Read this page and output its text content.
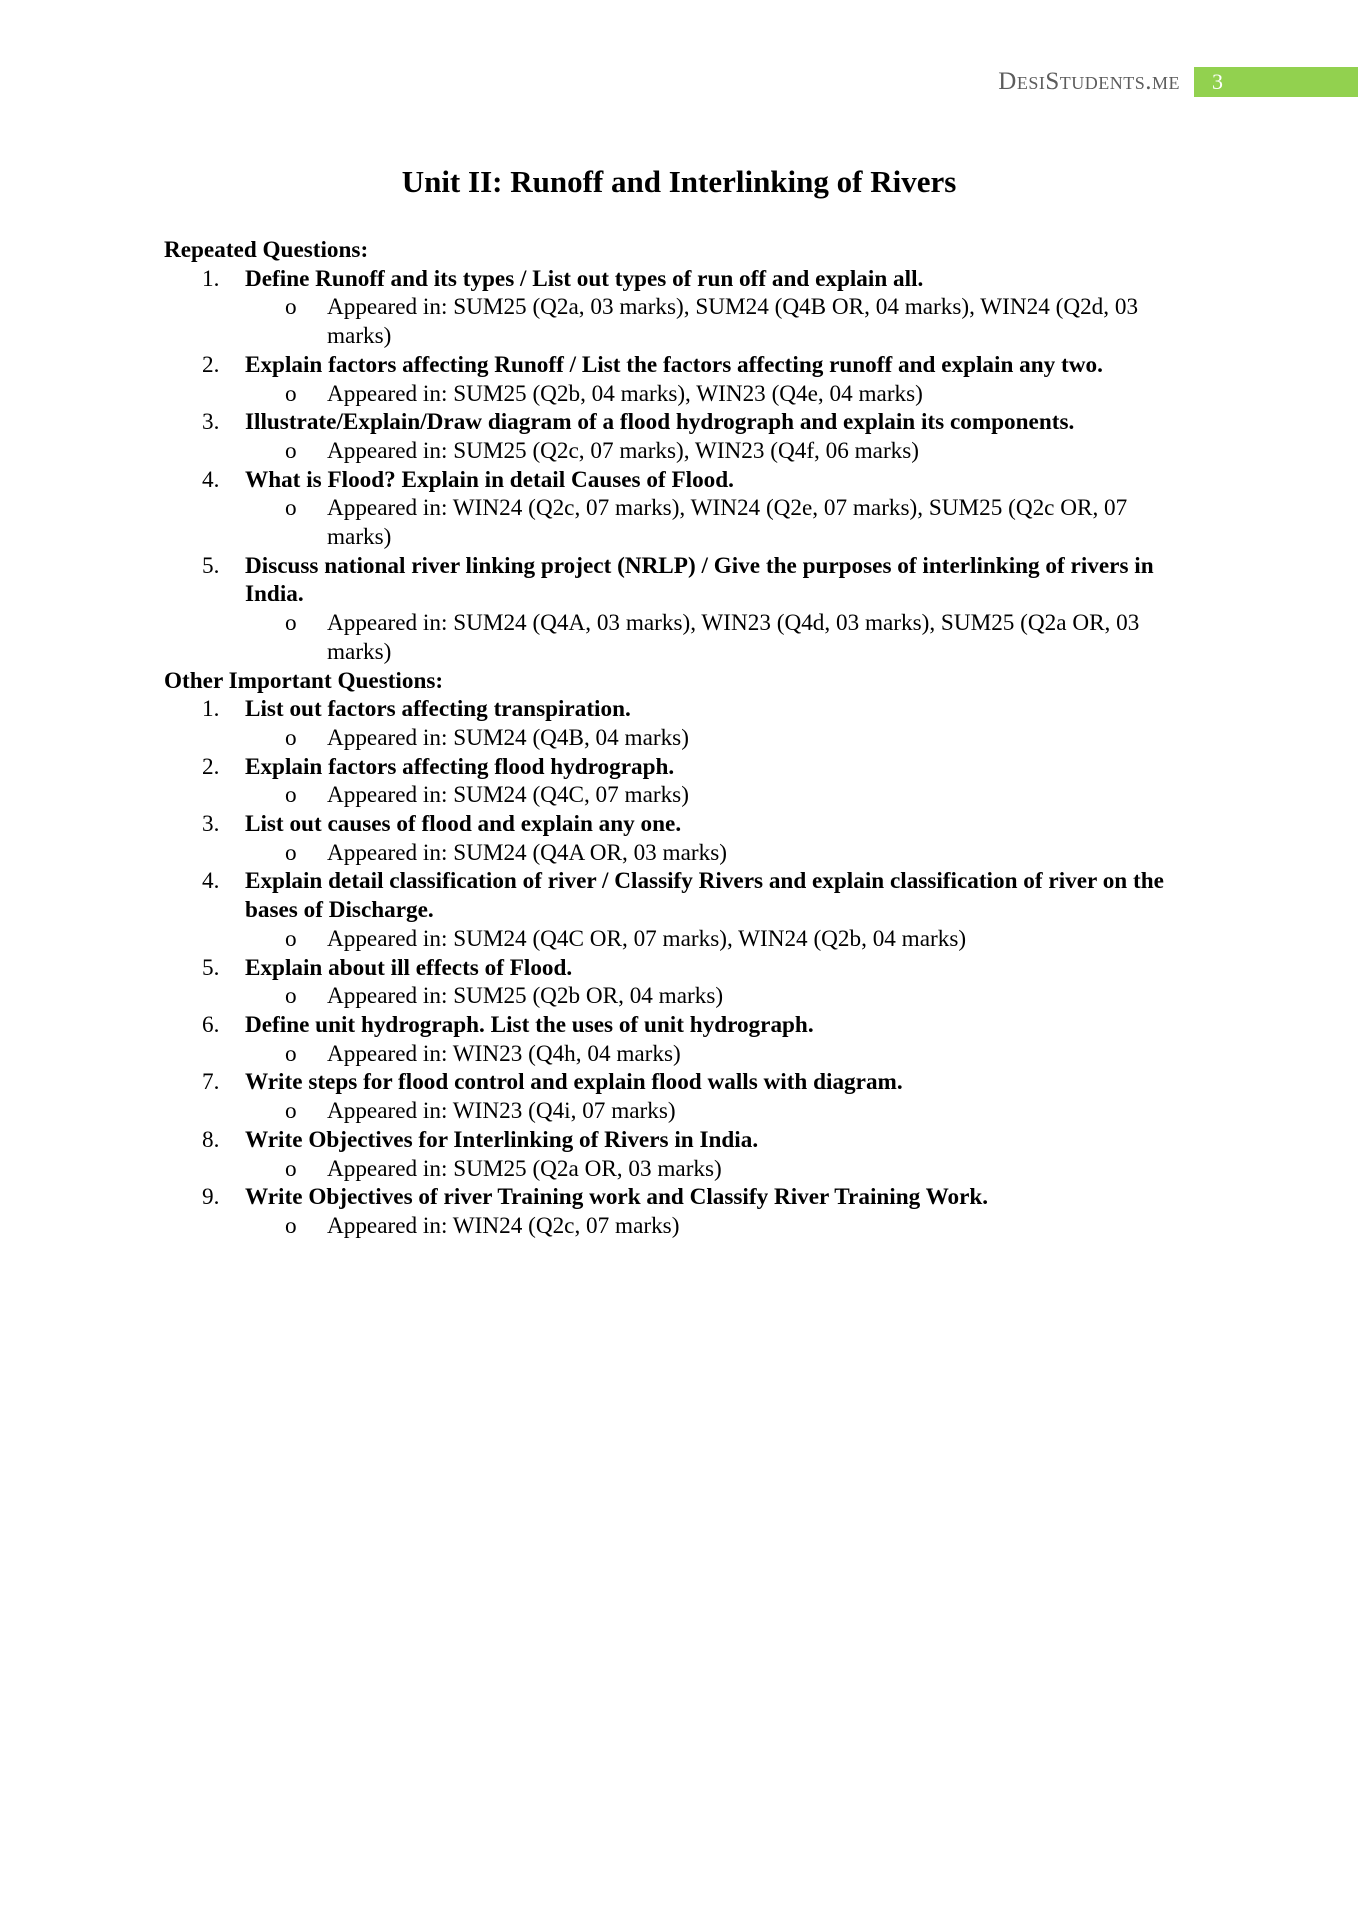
DesiStudents.me	3
Unit II: Runoff and Interlinking of Rivers
Repeated Questions:
1. Define Runoff and its types / List out types of run off and explain all.
o Appeared in: SUM25 (Q2a, 03 marks), SUM24 (Q4B OR, 04 marks), WIN24 (Q2d, 03 marks)
2. Explain factors affecting Runoff / List the factors affecting runoff and explain any two.
o Appeared in: SUM25 (Q2b, 04 marks), WIN23 (Q4e, 04 marks)
3. Illustrate/Explain/Draw diagram of a flood hydrograph and explain its components.
o Appeared in: SUM25 (Q2c, 07 marks), WIN23 (Q4f, 06 marks)
4. What is Flood? Explain in detail Causes of Flood.
o Appeared in: WIN24 (Q2c, 07 marks), WIN24 (Q2e, 07 marks), SUM25 (Q2c OR, 07 marks)
5. Discuss national river linking project (NRLP) / Give the purposes of interlinking of rivers in India.
o Appeared in: SUM24 (Q4A, 03 marks), WIN23 (Q4d, 03 marks), SUM25 (Q2a OR, 03 marks)
Other Important Questions:
1. List out factors affecting transpiration.
o Appeared in: SUM24 (Q4B, 04 marks)
2. Explain factors affecting flood hydrograph.
o Appeared in: SUM24 (Q4C, 07 marks)
3. List out causes of flood and explain any one.
o Appeared in: SUM24 (Q4A OR, 03 marks)
4. Explain detail classification of river / Classify Rivers and explain classification of river on the bases of Discharge.
o Appeared in: SUM24 (Q4C OR, 07 marks), WIN24 (Q2b, 04 marks)
5. Explain about ill effects of Flood.
o Appeared in: SUM25 (Q2b OR, 04 marks)
6. Define unit hydrograph. List the uses of unit hydrograph.
o Appeared in: WIN23 (Q4h, 04 marks)
7. Write steps for flood control and explain flood walls with diagram.
o Appeared in: WIN23 (Q4i, 07 marks)
8. Write Objectives for Interlinking of Rivers in India.
o Appeared in: SUM25 (Q2a OR, 03 marks)
9. Write Objectives of river Training work and Classify River Training Work.
o Appeared in: WIN24 (Q2c, 07 marks)
